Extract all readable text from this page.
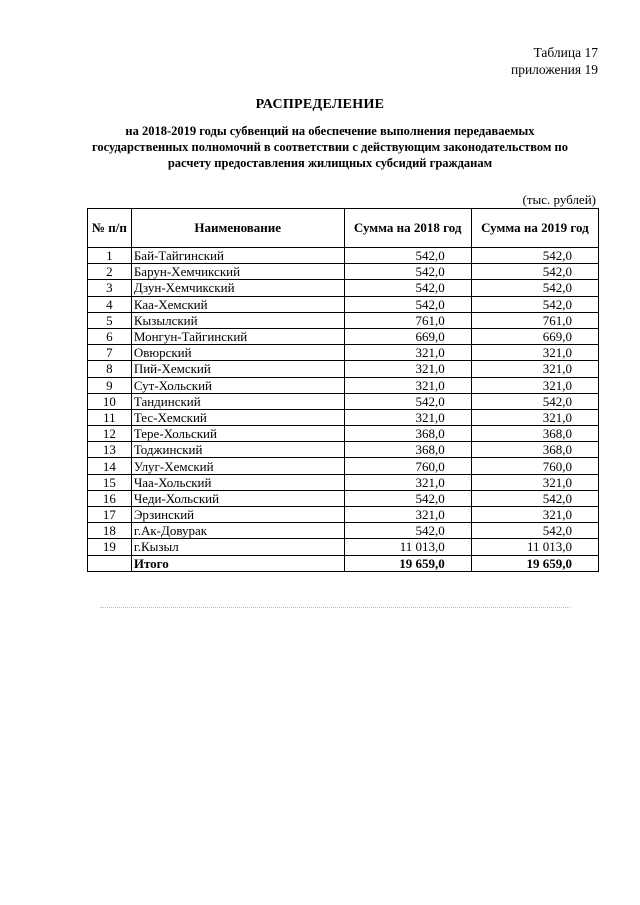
Таблица 17
приложения 19
РАСПРЕДЕЛЕНИЕ
на 2018-2019 годы субвенций на обеспечение выполнения передаваемых государственных полномочий в соответствии с действующим законодательством по расчету предоставления жилищных субсидий гражданам
(тыс. рублей)
№ п/п	Наименование	Сумма на 2018 год	Сумма на 2019 год
1	Бай-Тайгинский	542,0	542,0
2	Барун-Хемчикский	542,0	542,0
3	Дзун-Хемчикский	542,0	542,0
4	Каа-Хемский	542,0	542,0
5	Кызылский	761,0	761,0
6	Монгун-Тайгинский	669,0	669,0
7	Овюрский	321,0	321,0
8	Пий-Хемский	321,0	321,0
9	Сут-Хольский	321,0	321,0
10	Тандинский	542,0	542,0
11	Тес-Хемский	321,0	321,0
12	Тере-Хольский	368,0	368,0
13	Тоджинский	368,0	368,0
14	Улуг-Хемский	760,0	760,0
15	Чаа-Хольский	321,0	321,0
16	Чеди-Хольский	542,0	542,0
17	Эрзинский	321,0	321,0
18	г.Ак-Довурак	542,0	542,0
19	г.Кызыл	11 013,0	11 013,0
	Итого	19 659,0	19 659,0
